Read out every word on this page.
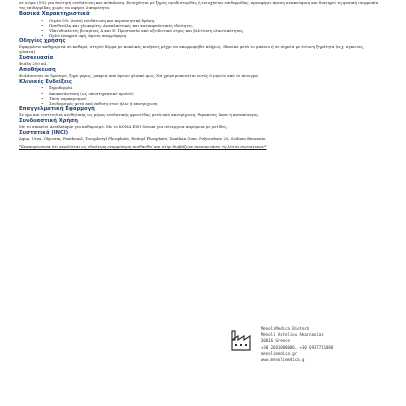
σε σώμα (5%) για άνετητη ενυδάτωση και ανάπλαση. Ενισχύεται με ξηρός σμυδιστερίδες ή ενισχύεται επιδερμίδας, προσφέρει άμεση ανακούφιση και διατηρεί τη φυσική ισορροπία της επιδερμίδας χωρίς να αφήνει λιπαρότητα.
Βασικά Χαρακτηριστικά
• Ουρία 5%: λεπτή ενυδάτωση και περιποιητική δράση.
• Πανθενόλη και γλυκερίνη: Αναπλαστικές και καταπραϋντικές ιδιότητες.
• Υδατοδιαλυτές βιταμίνες A και E: Προστασία από οξειδωτικό στρες και βελτίωση ελαστικότητας.
• Πολύ ελαφριά υφή, άμεση απορρόφηση.
Οδηγίες χρήσης
Εφαρμόστε καθημερινά σε καθαρό, στεγνό δέρμα με κυκλικές κινήσεις μέχρι να απορροφηθεί πλήρως. Ιδανικό μετά το μπάνιο ή σε σημεία με έντονη ξηρότητα (π.χ. αγκώνες, γόνατα).
Συσκευασία
Φιάλη 200 ml.
Αποθήκευση
Φυλάσσεται σε δροσερό, ξηρό μέρος, μακριά από άμεσο ηλιακό φως. Να χρησιμοποιείται εντός 6 μηνών από το άνοιγμα.
Κλινικές Ενδείξεις
• Ξηροδερμία
• Αποκατάσταση (ως υποστηρικτικό προϊόν)
• Τάση ναρκαρισμού
• Συνδυασμός μετά από έκθεση στον ήλιο ή αποτρίχωση
Επαγγελματική Εφαρμογή
Σε spa και ινστιτούτα αισθητικής ως μέρος ενυδατικής φροντίδας μετά από αποτρίχωση, θεραπείες laser ή καταπόνηση.
Συνδυαστική Χρήση
Με το σαπούνι Aesthetique για καθαρισμό. Με το KONA EXO Serum για σύνεργεια παρόμοια με ρυτίδες.
Συστατικά (INCI)
Aqua, Urea, Glycerin, Panthenol, Tocopheryl Phosphate, Retinyl Phosphate, Xanthan Gum, Polysorbate 20, Sodium Benzoate.
*Εναπομένουσα ότι αναλύεται ως ιδιαίτερη εναρμόνηση αισθανθεί και στην διαβάζουν ανασκευάσει τη λίστα συστατικών*
MenoliMedica Biotech
Menoli Asteliou Akarnanias
30016 Greece
+30 2681088000, +30 6937711888
menolimedica.gr
www.menolimedica.g
